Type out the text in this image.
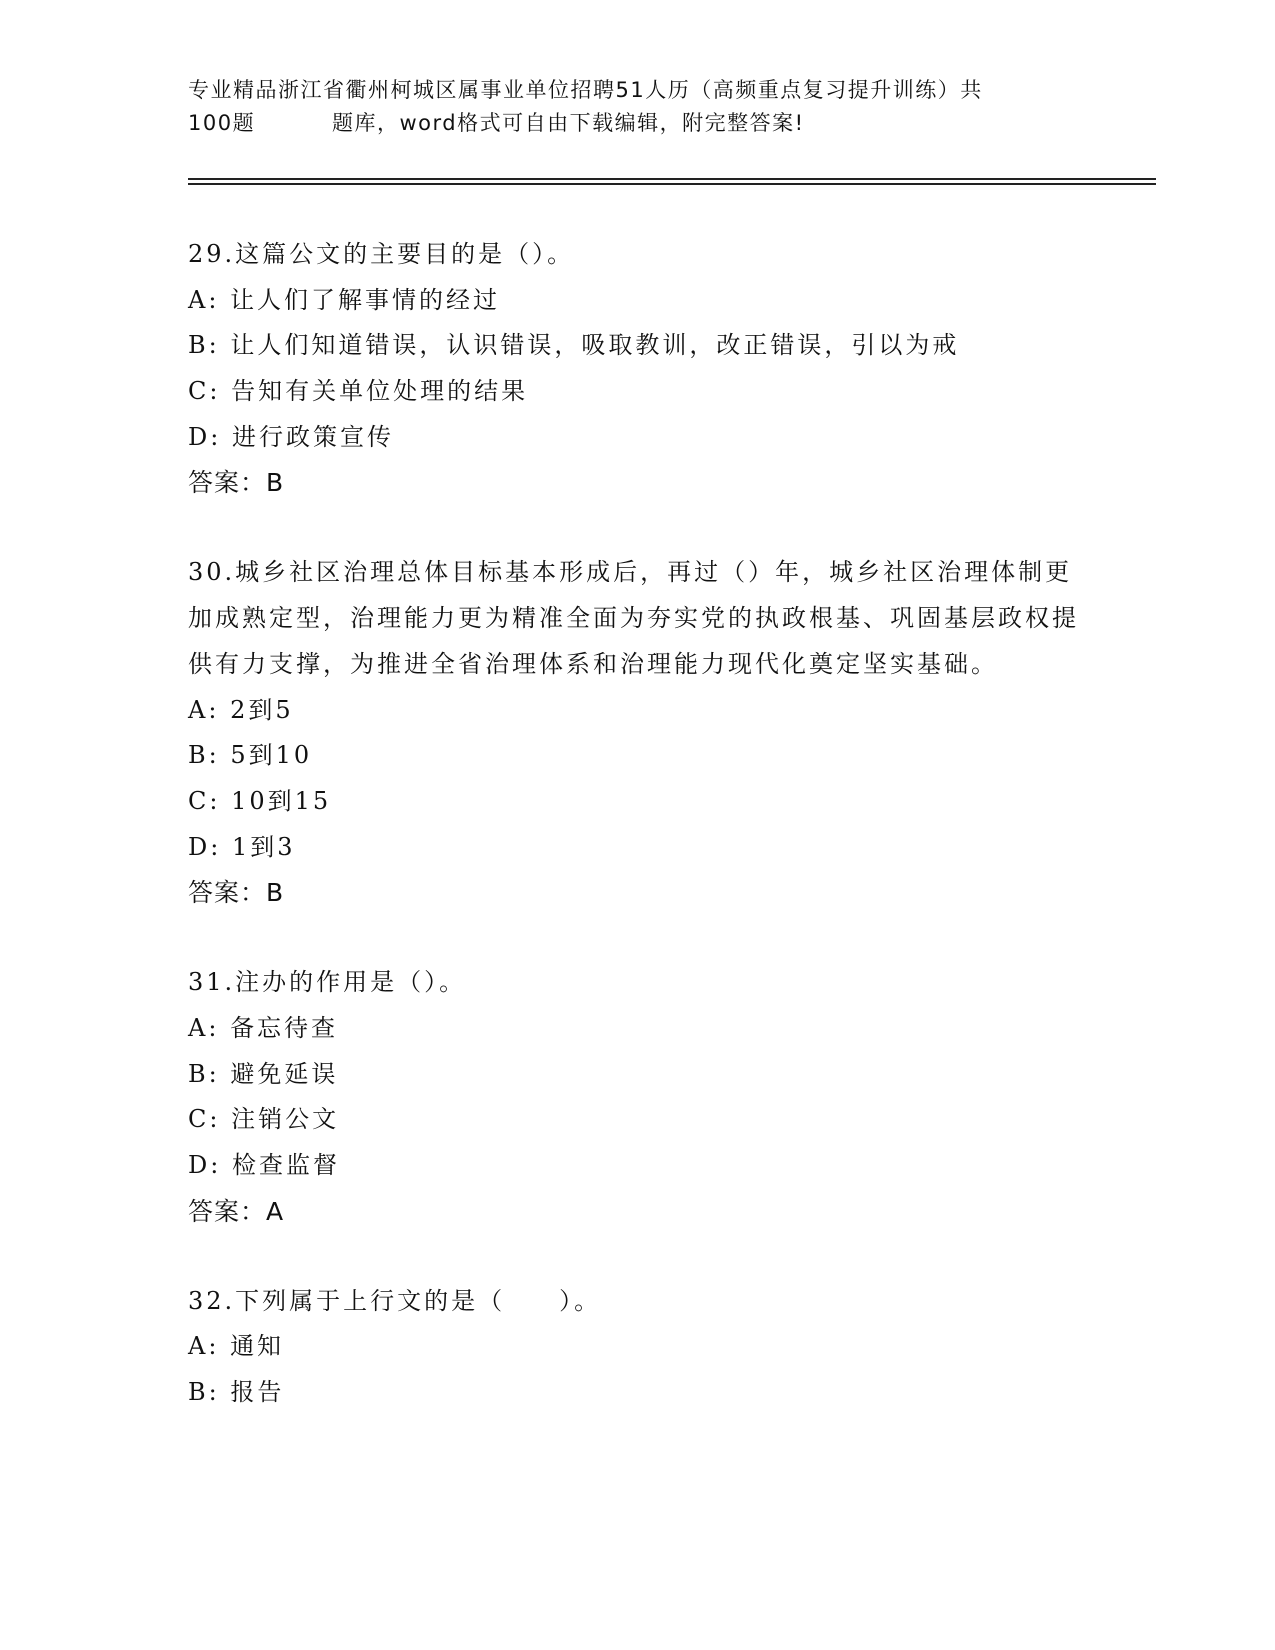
专业精品浙江省衢州柯城区属事业单位招聘51人历（高频重点复习提升训练）共
100题	题库，word格式可自由下载编辑，附完整答案!
29.这篇公文的主要目的是（）。
A: 让人们了解事情的经过
B: 让人们知道错误，认识错误，吸取教训，改正错误，引以为戒
C: 告知有关单位处理的结果
D: 进行政策宣传
答案：B
30.城乡社区治理总体目标基本形成后，再过（）年，城乡社区治理体制更加成熟定型，治理能力更为精准全面为夯实党的执政根基、巩固基层政权提供有力支撑，为推进全省治理体系和治理能力现代化奠定坚实基础。
A: 2到5
B: 5到10
C: 10到15
D: 1到3
答案：B
31.注办的作用是（）。
A: 备忘待查
B: 避免延误
C: 注销公文
D: 检查监督
答案：A
32.下列属于上行文的是（　　）。
A: 通知
B: 报告
